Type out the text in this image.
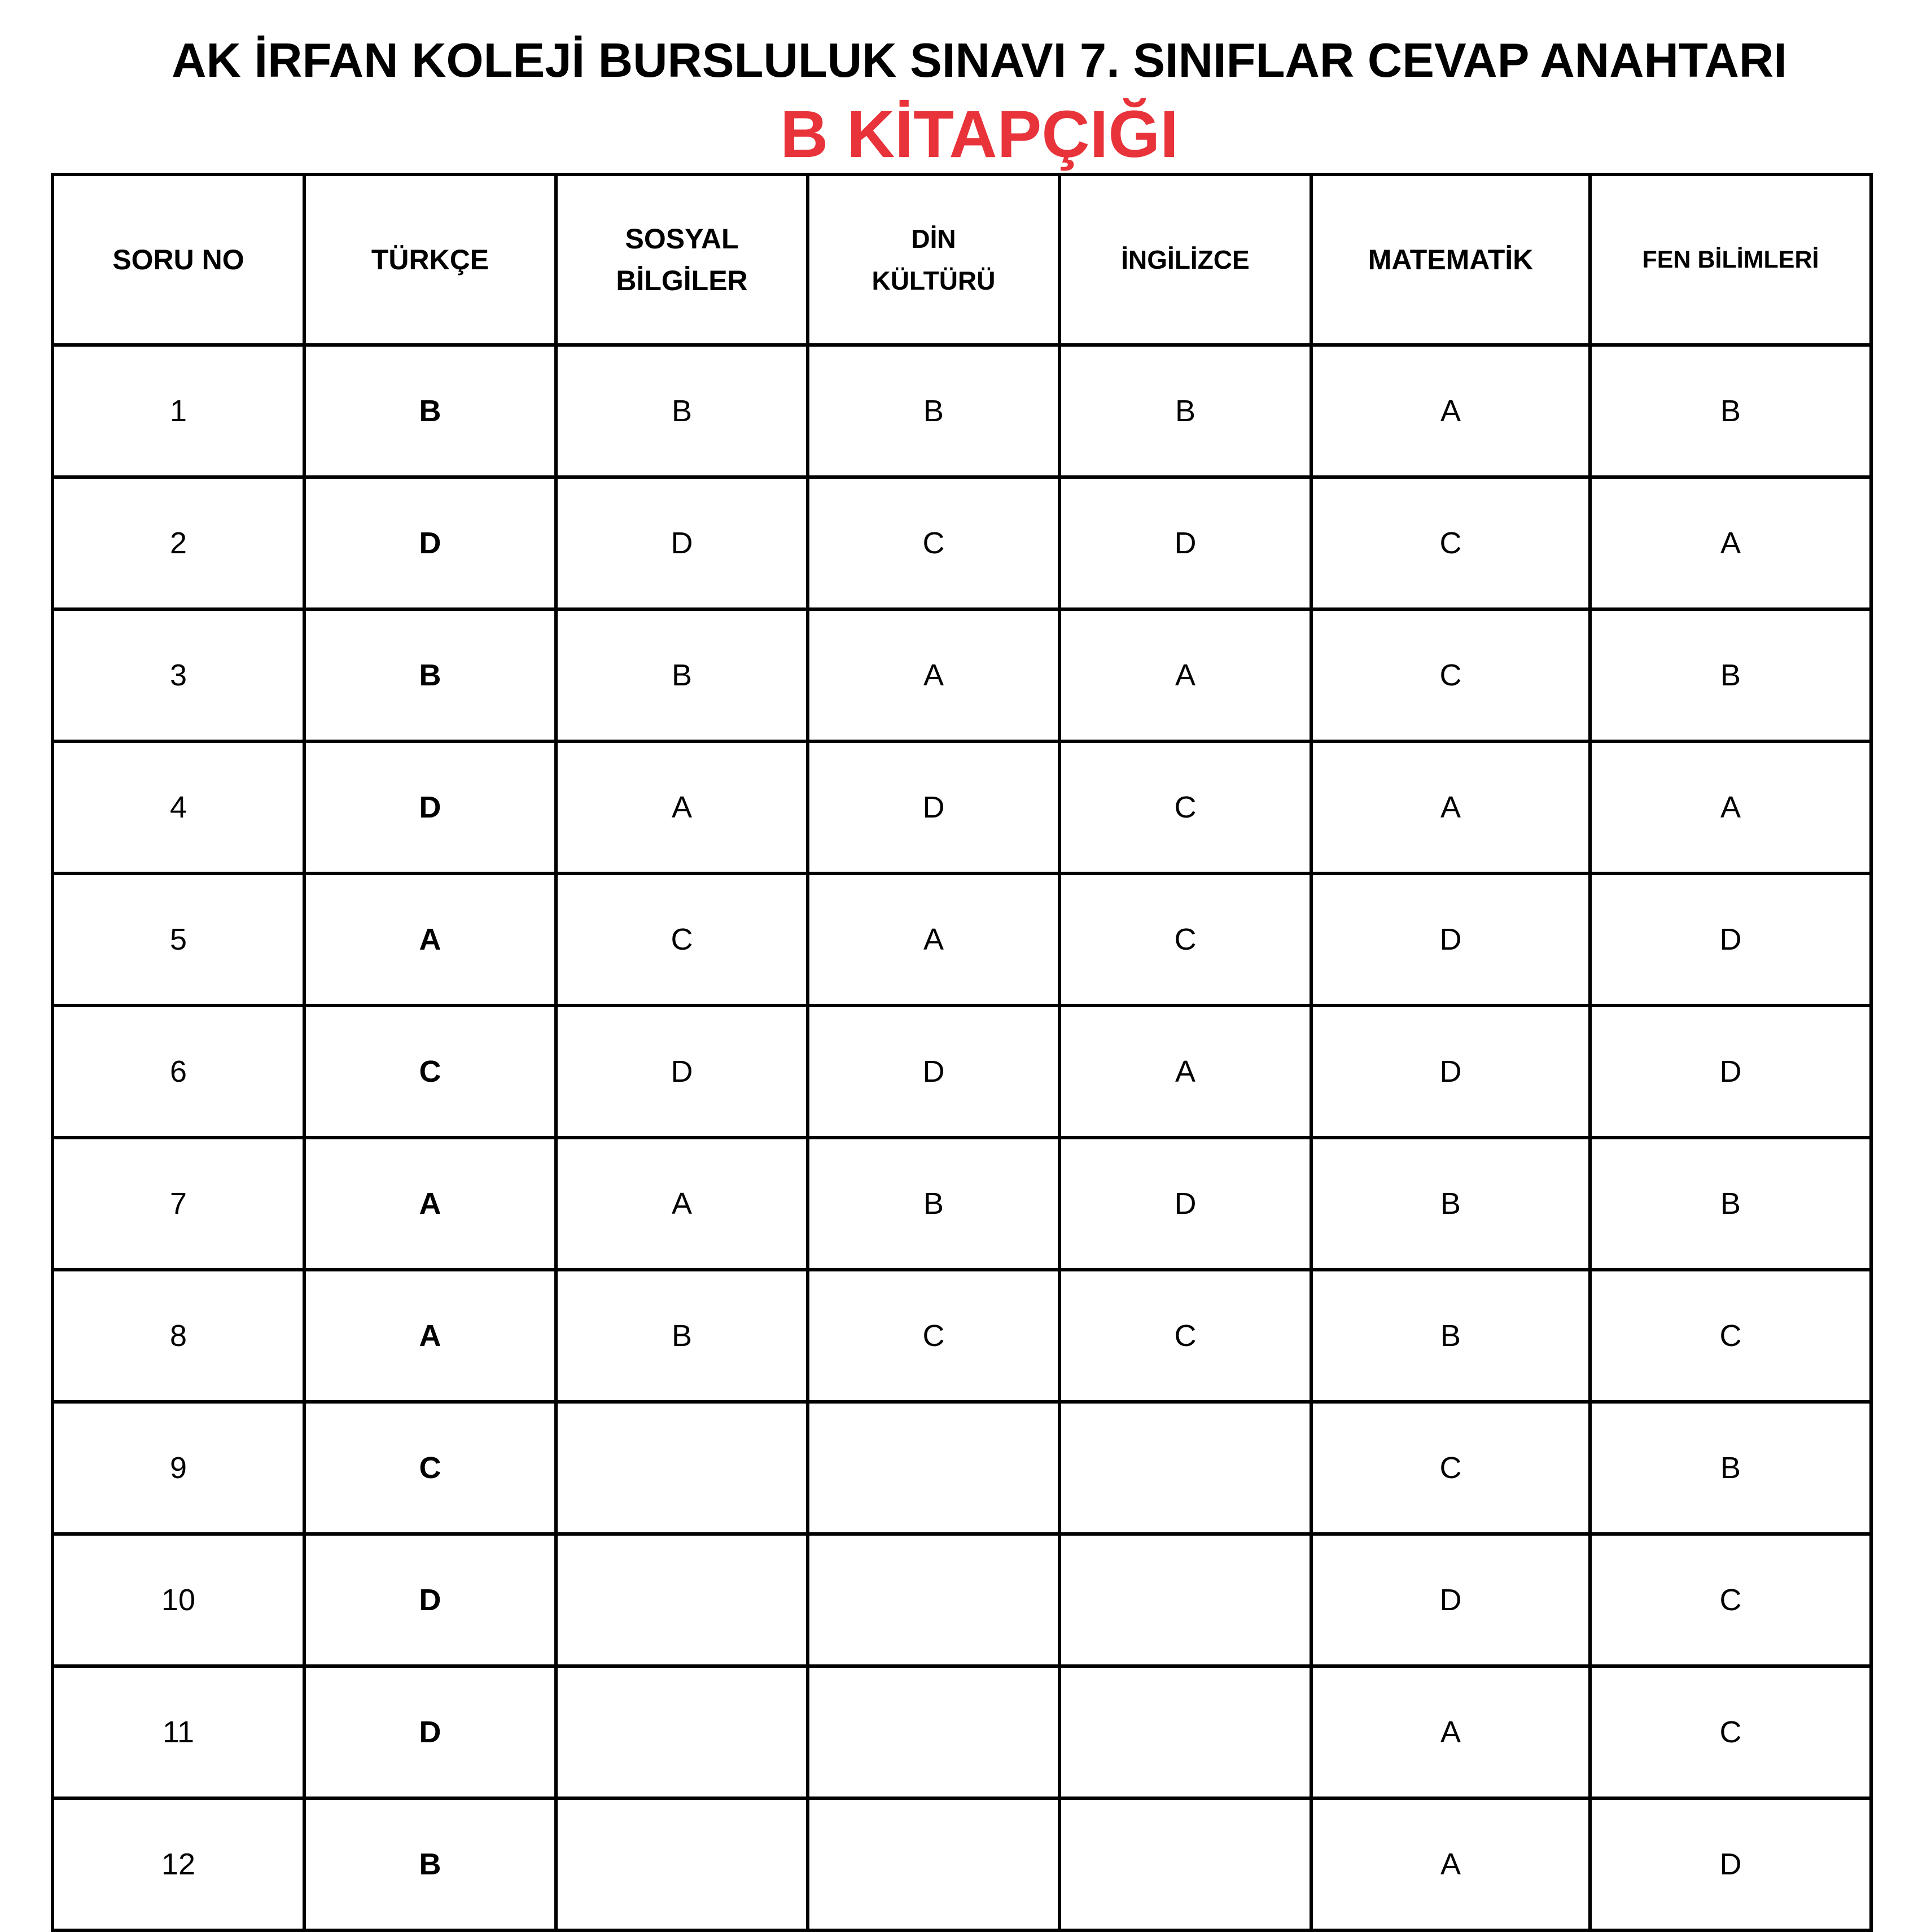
AK İRFAN KOLEJİ BURSLULUK SINAVI 7. SINIFLAR CEVAP ANAHTARI
B KİTAPÇIĞI
SORU NO	TÜRKÇE	SOSYAL BİLGİLER	DİN KÜLTÜRÜ	İNGİLİZCE	MATEMATİK	FEN BİLİMLERİ
1	B	B	B	B	A	B
2	D	D	C	D	C	A
3	B	B	A	A	C	B
4	D	A	D	C	A	A
5	A	C	A	C	D	D
6	C	D	D	A	D	D
7	A	A	B	D	B	B
8	A	B	C	C	B	C
9	C				C	B
10	D				D	C
11	D				A	C
12	B				A	D
